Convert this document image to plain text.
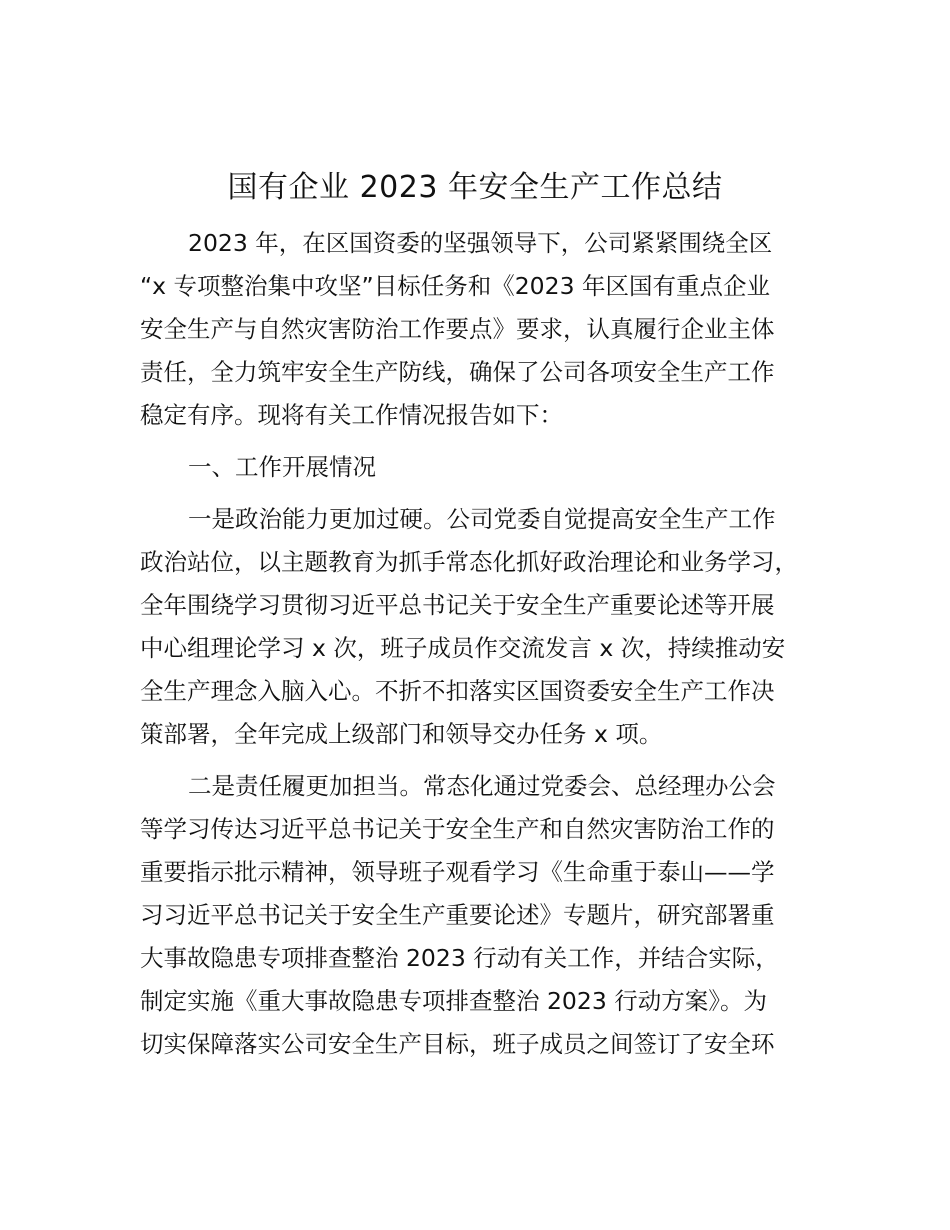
国有企业 2023 年安全生产工作总结
2023 年，在区国资委的坚强领导下，公司紧紧围绕全区
“x 专项整治集中攻坚”目标任务和《2023 年区国有重点企业
安全生产与自然灾害防治工作要点》要求，认真履行企业主体
责任，全力筑牢安全生产防线，确保了公司各项安全生产工作
稳定有序。现将有关工作情况报告如下：
一、工作开展情况
一是政治能力更加过硬。公司党委自觉提高安全生产工作
政治站位，以主题教育为抓手常态化抓好政治理论和业务学习，
全年围绕学习贯彻习近平总书记关于安全生产重要论述等开展
中心组理论学习 x 次，班子成员作交流发言 x 次，持续推动安
全生产理念入脑入心。不折不扣落实区国资委安全生产工作决
策部署，全年完成上级部门和领导交办任务 x 项。
二是责任履更加担当。常态化通过党委会、总经理办公会
等学习传达习近平总书记关于安全生产和自然灾害防治工作的
重要指示批示精神，领导班子观看学习《生命重于泰山——学
习习近平总书记关于安全生产重要论述》专题片，研究部署重
大事故隐患专项排查整治 2023 行动有关工作，并结合实际，
制定实施《重大事故隐患专项排查整治 2023 行动方案》。为
切实保障落实公司安全生产目标，班子成员之间签订了安全环
